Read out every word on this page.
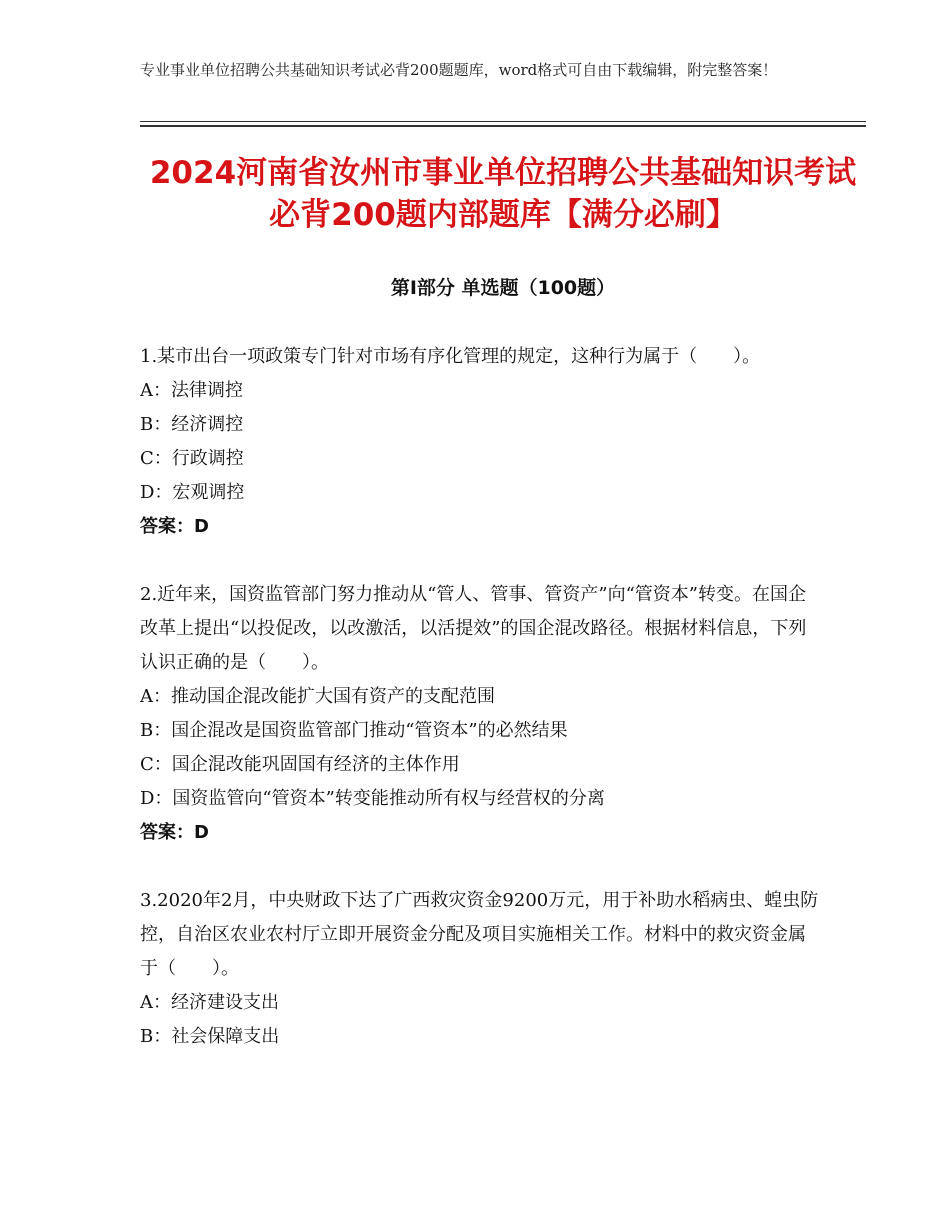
专业事业单位招聘公共基础知识考试必背200题题库，word格式可自由下载编辑，附完整答案！
2024河南省汝州市事业单位招聘公共基础知识考试必背200题内部题库【满分必刷】
第Ⅰ部分 单选题（100题）
1.某市出台一项政策专门针对市场有序化管理的规定，这种行为属于（　　）。
A：法律调控
B：经济调控
C：行政调控
D：宏观调控
答案：D
2.近年来，国资监管部门努力推动从“管人、管事、管资产”向“管资本”转变。在国企改革上提出“以投促改，以改激活，以活提效”的国企混改路径。根据材料信息，下列认识正确的是（　　）。
A：推动国企混改能扩大国有资产的支配范围
B：国企混改是国资监管部门推动“管资本”的必然结果
C：国企混改能巩固国有经济的主体作用
D：国资监管向“管资本”转变能推动所有权与经营权的分离
答案：D
3.2020年2月，中央财政下达了广西救灾资金9200万元，用于补助水稻病虫、蝗虫防控，自治区农业农村厅立即开展资金分配及项目实施相关工作。材料中的救灾资金属于（　　）。
A：经济建设支出
B：社会保障支出
